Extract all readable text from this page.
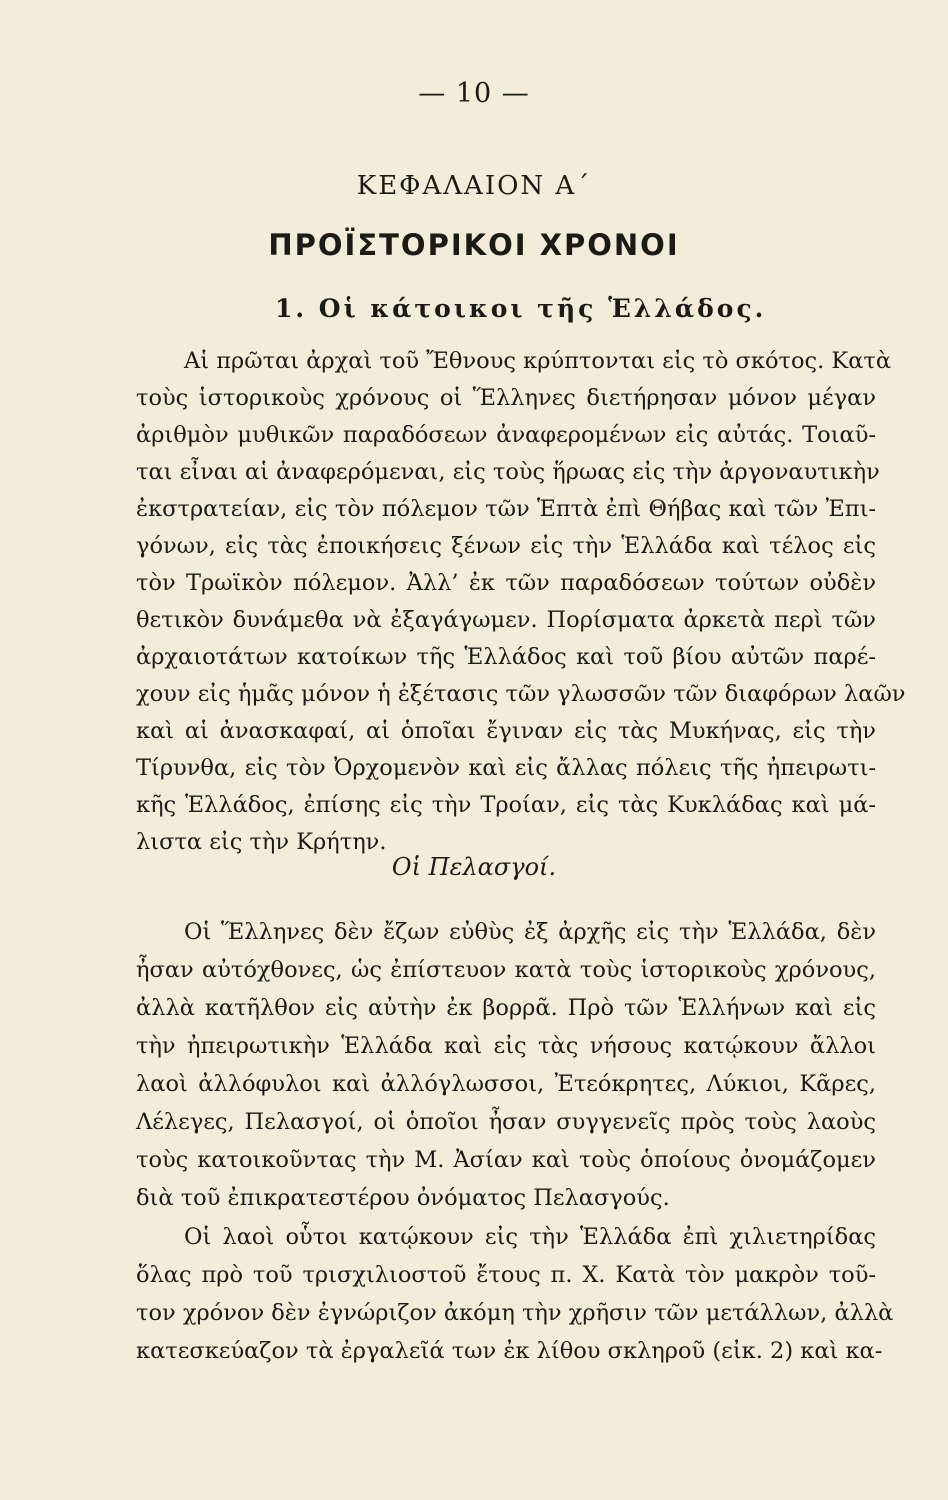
— 10 —
ΚΕΦΑΛΑΙΟΝ Α΄
ΠΡΟΪΣΤΟΡΙΚΟΙ ΧΡΟΝΟΙ
1. Οἱ κάτοικοι τῆς Ἑλλάδος.
Αἱ πρῶται ἀρχαὶ τοῦ Ἔθνους κρύπτονται εἰς τὸ σκότος. Κατὰ
τοὺς ἱστορικοὺς χρόνους οἱ Ἕλληνες διετήρησαν μόνον μέγαν
ἀριθμὸν μυθικῶν παραδόσεων ἀναφερομένων εἰς αὐτάς. Τοιαῦ-
ται εἶναι αἱ ἀναφερόμεναι, εἰς τοὺς ἥρωας εἰς τὴν ἀργοναυτικὴν
ἐκστρατείαν, εἰς τὸν πόλεμον τῶν Ἑπτὰ ἐπὶ Θήβας καὶ τῶν Ἐπι-
γόνων, εἰς τὰς ἐποικήσεις ξένων εἰς τὴν Ἑλλάδα καὶ τέλος εἰς
τὸν Τρωϊκὸν πόλεμον. Ἀλλ’ ἐκ τῶν παραδόσεων τούτων οὐδὲν
θετικὸν δυνάμεθα νὰ ἐξαγάγωμεν. Πορίσματα ἀρκετὰ περὶ τῶν
ἀρχαιοτάτων κατοίκων τῆς Ἑλλάδος καὶ τοῦ βίου αὐτῶν παρέ-
χουν εἰς ἡμᾶς μόνον ἡ ἐξέτασις τῶν γλωσσῶν τῶν διαφόρων λαῶν
καὶ αἱ ἀνασκαφαί, αἱ ὁποῖαι ἔγιναν εἰς τὰς Μυκήνας, εἰς τὴν
Τίρυνθα, εἰς τὸν Ὀρχομενὸν καὶ εἰς ἄλλας πόλεις τῆς ἠπειρωτι-
κῆς Ἑλλάδος, ἐπίσης εἰς τὴν Τροίαν, εἰς τὰς Κυκλάδας καὶ μά-
λιστα εἰς τὴν Κρήτην.
Οἱ Πελασγοί.
Οἱ Ἕλληνες δὲν ἔζων εὐθὺς ἐξ ἀρχῆς εἰς τὴν Ἑλλάδα, δὲν
ἦσαν αὐτόχθονες, ὡς ἐπίστευον κατὰ τοὺς ἱστορικοὺς χρόνους,
ἀλλὰ κατῆλθον εἰς αὐτὴν ἐκ βορρᾶ. Πρὸ τῶν Ἑλλήνων καὶ εἰς
τὴν ἠπειρωτικὴν Ἑλλάδα καὶ εἰς τὰς νήσους κατῴκουν ἄλλοι
λαοὶ ἀλλόφυλοι καὶ ἀλλόγλωσσοι, Ἐτεόκρητες, Λύκιοι, Κᾶρες,
Λέλεγες, Πελασγοί, οἱ ὁποῖοι ἦσαν συγγενεῖς πρὸς τοὺς λαοὺς
τοὺς κατοικοῦντας τὴν Μ. Ἀσίαν καὶ τοὺς ὁποίους ὀνομάζομεν
διὰ τοῦ ἐπικρατεστέρου ὀνόματος Πελασγούς.
Οἱ λαοὶ οὗτοι κατῴκουν εἰς τὴν Ἑλλάδα ἐπὶ χιλιετηρίδας
ὅλας πρὸ τοῦ τρισχιλιοστοῦ ἔτους π. Χ. Κατὰ τὸν μακρὸν τοῦ-
τον χρόνον δὲν ἐγνώριζον ἀκόμη τὴν χρῆσιν τῶν μετάλλων, ἀλλὰ
κατεσκεύαζον τὰ ἐργαλεῖά των ἐκ λίθου σκληροῦ (εἰκ. 2) καὶ κα-
